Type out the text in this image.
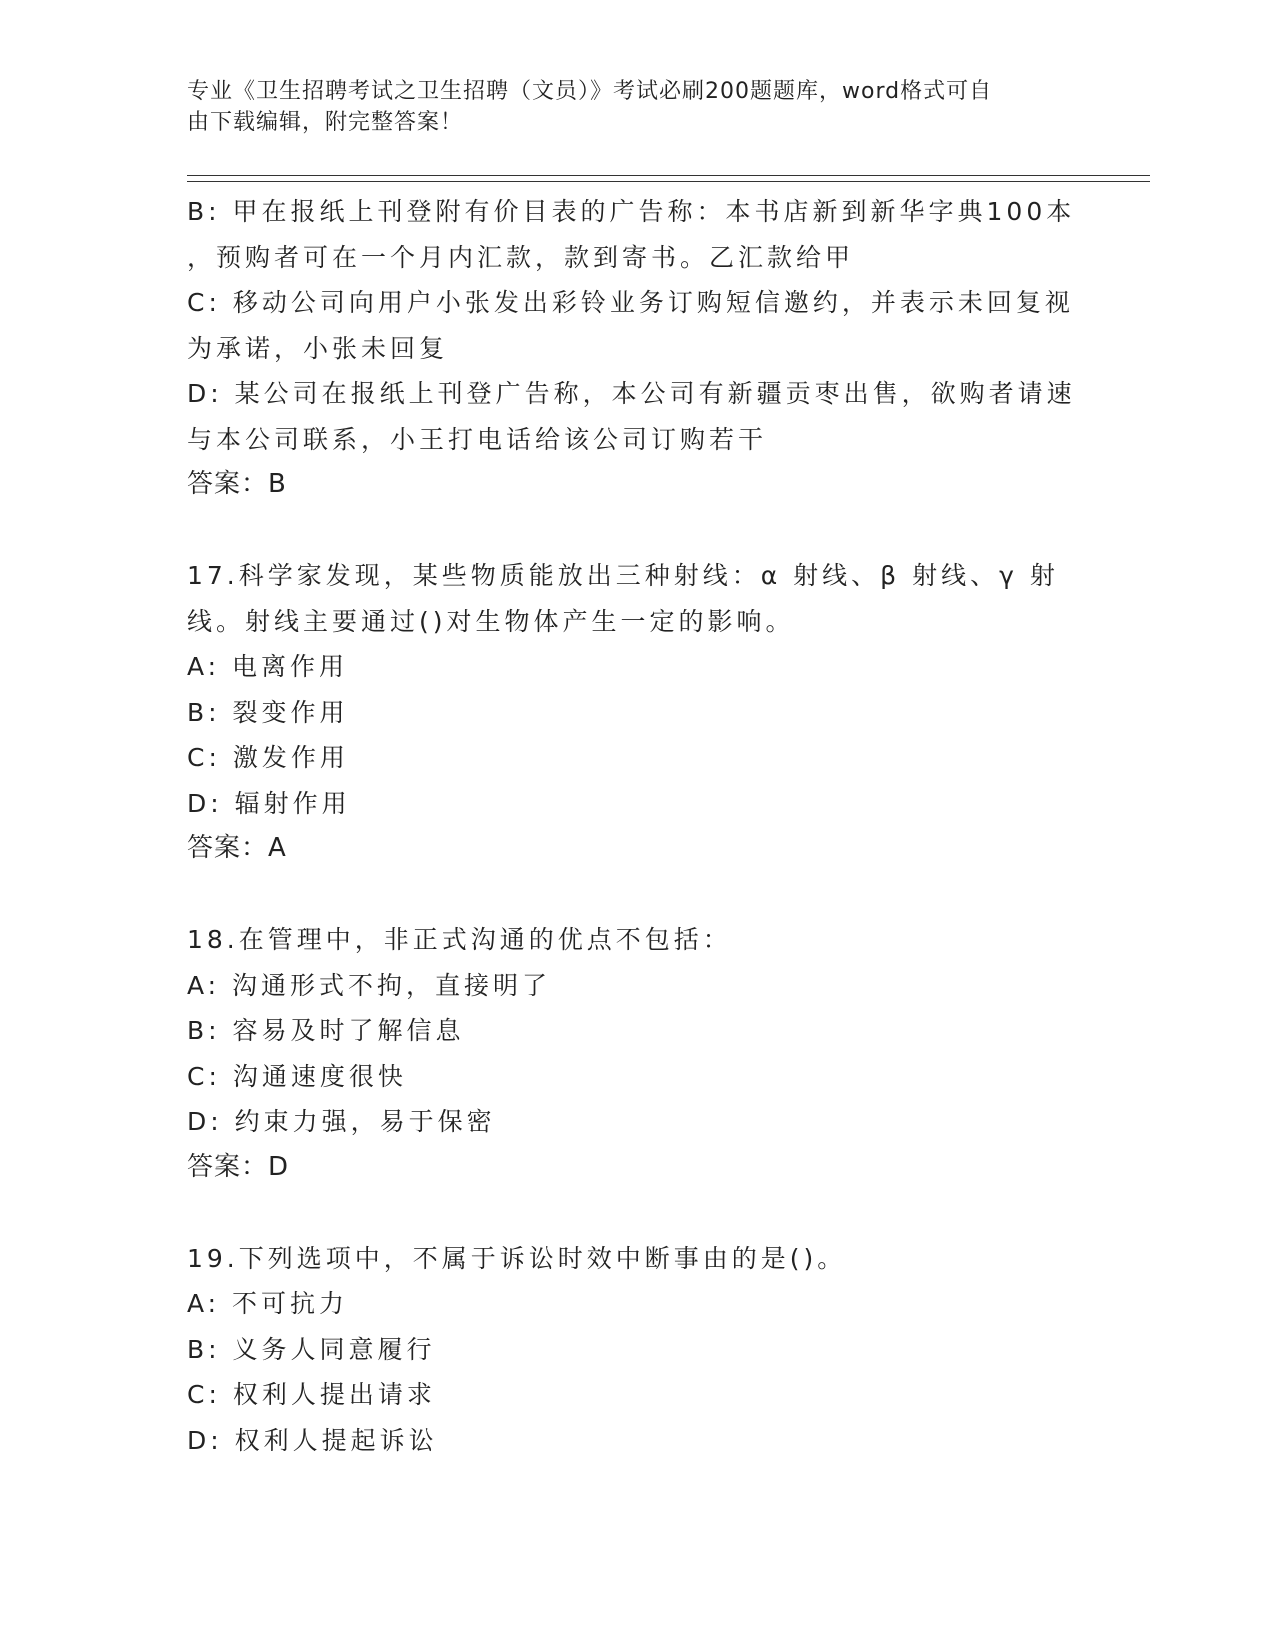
专业《卫生招聘考试之卫生招聘（文员）》考试必刷200题题库，word格式可自
由下载编辑，附完整答案！
B: 甲在报纸上刊登附有价目表的广告称：本书店新到新华字典100本
，预购者可在一个月内汇款，款到寄书。乙汇款给甲
C: 移动公司向用户小张发出彩铃业务订购短信邀约，并表示未回复视
为承诺，小张未回复
D: 某公司在报纸上刊登广告称，本公司有新疆贡枣出售，欲购者请速
与本公司联系，小王打电话给该公司订购若干
答案：B
17.科学家发现，某些物质能放出三种射线：α 射线、β 射线、γ 射
线。射线主要通过()对生物体产生一定的影响。
A: 电离作用
B: 裂变作用
C: 激发作用
D: 辐射作用
答案：A
18.在管理中，非正式沟通的优点不包括：
A: 沟通形式不拘，直接明了
B: 容易及时了解信息
C: 沟通速度很快
D: 约束力强，易于保密
答案：D
19.下列选项中，不属于诉讼时效中断事由的是()。
A: 不可抗力
B: 义务人同意履行
C: 权利人提出请求
D: 权利人提起诉讼
